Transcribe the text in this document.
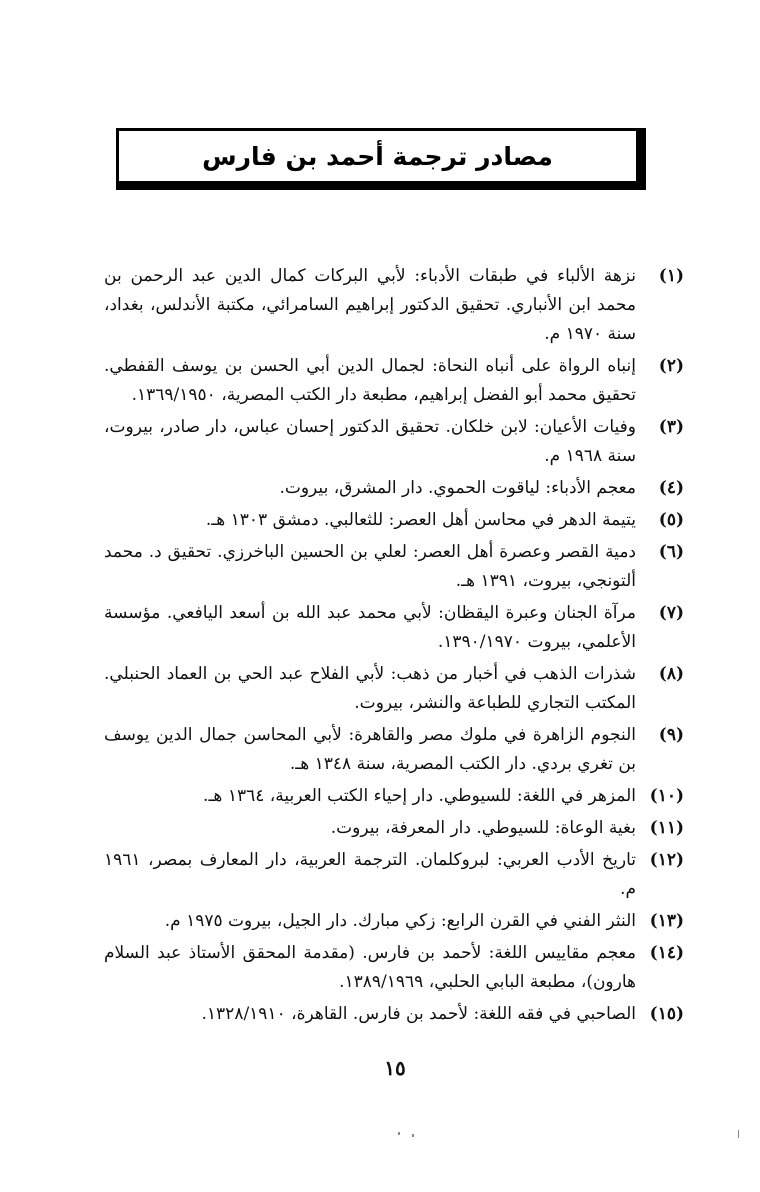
مصادر ترجمة أحمد بن فارس
(١)
نزهة الألباء في طبقات الأدباء: لأبي البركات كمال الدين عبد الرحمن بن محمد ابن الأنباري. تحقيق الدكتور إبراهيم السامرائي، مكتبة الأندلس، بغداد، سنة ١٩٧٠ م.
(٢)
إنباه الرواة على أنباه النحاة: لجمال الدين أبي الحسن بن يوسف القفطي. تحقيق محمد أبو الفضل إبراهيم، مطبعة دار الكتب المصرية، ١٣٦٩/١٩٥٠.
(٣)
وفيات الأعيان: لابن خلكان. تحقيق الدكتور إحسان عباس، دار صادر، بيروت، سنة ١٩٦٨ م.
(٤)
معجم الأدباء: لياقوت الحموي. دار المشرق، بيروت.
(٥)
يتيمة الدهر في محاسن أهل العصر: للثعالبي. دمشق ١٣٠٣ هـ.
(٦)
دمية القصر وعصرة أهل العصر: لعلي بن الحسين الباخرزي. تحقيق د. محمد ألتونجي، بيروت، ١٣٩١ هـ.
(٧)
مرآة الجنان وعبرة اليقظان: لأبي محمد عبد الله بن أسعد اليافعي. مؤسسة الأعلمي، بيروت ١٣٩٠/١٩٧٠.
(٨)
شذرات الذهب في أخبار من ذهب: لأبي الفلاح عبد الحي بن العماد الحنبلي. المكتب التجاري للطباعة والنشر، بيروت.
(٩)
النجوم الزاهرة في ملوك مصر والقاهرة: لأبي المحاسن جمال الدين يوسف بن تغري بردي. دار الكتب المصرية، سنة ١٣٤٨ هـ.
(١٠)
المزهر في اللغة: للسيوطي. دار إحياء الكتب العربية، ١٣٦٤ هـ.
(١١)
بغية الوعاة: للسيوطي. دار المعرفة، بيروت.
(١٢)
تاريخ الأدب العربي: لبروكلمان. الترجمة العربية، دار المعارف بمصر، ١٩٦١ م.
(١٣)
النثر الفني في القرن الرابع: زكي مبارك. دار الجيل، بيروت ١٩٧٥ م.
(١٤)
معجم مقاييس اللغة: لأحمد بن فارس. (مقدمة المحقق الأستاذ عبد السلام هارون)، مطبعة البابي الحلبي، ١٣٨٩/١٩٦٩.
(١٥)
الصاحبي في فقه اللغة: لأحمد بن فارس. القاهرة، ١٣٢٨/١٩١٠.
١٥
